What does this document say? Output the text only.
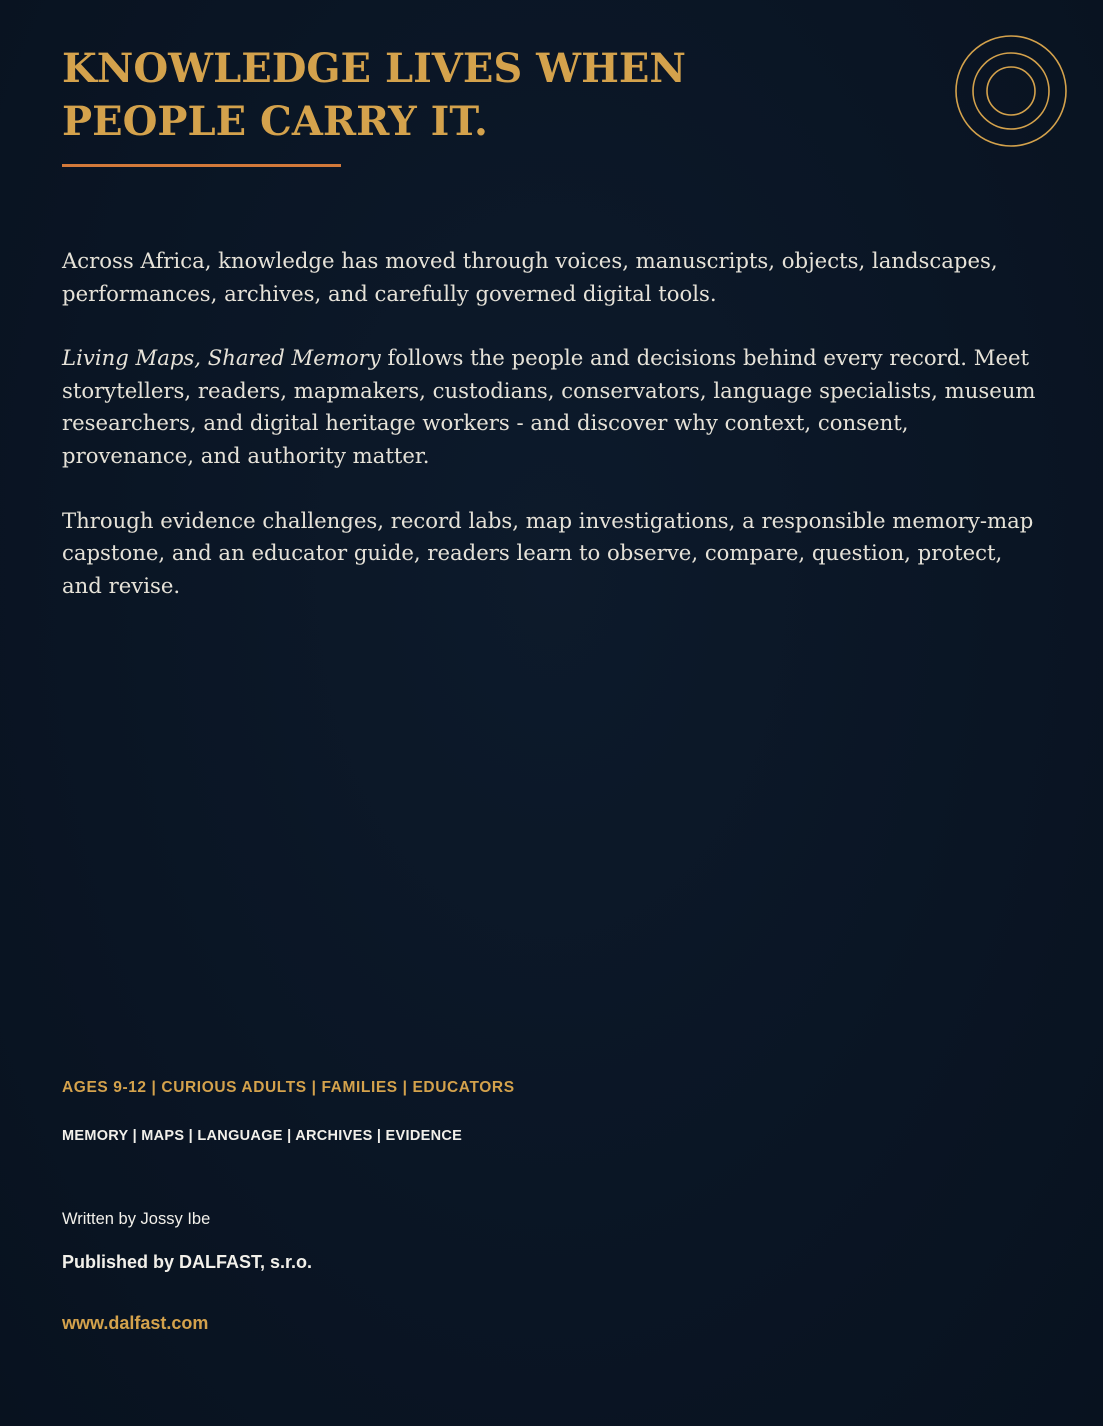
KNOWLEDGE LIVES WHEN
PEOPLE CARRY IT.

Across Africa, knowledge has moved through voices, manuscripts, objects, landscapes, performances, archives, and carefully governed digital tools.

Living Maps, Shared Memory follows the people and decisions behind every record. Meet storytellers, readers, mapmakers, custodians, conservators, language specialists, museum researchers, and digital heritage workers - and discover why context, consent, provenance, and authority matter.

Through evidence challenges, record labs, map investigations, a responsible memory-map capstone, and an educator guide, readers learn to observe, compare, question, protect, and revise.

AGES 9-12 | CURIOUS ADULTS | FAMILIES | EDUCATORS
MEMORY | MAPS | LANGUAGE | ARCHIVES | EVIDENCE
Written by Jossy Ibe
Published by DALFAST, s.r.o.
www.dalfast.com
